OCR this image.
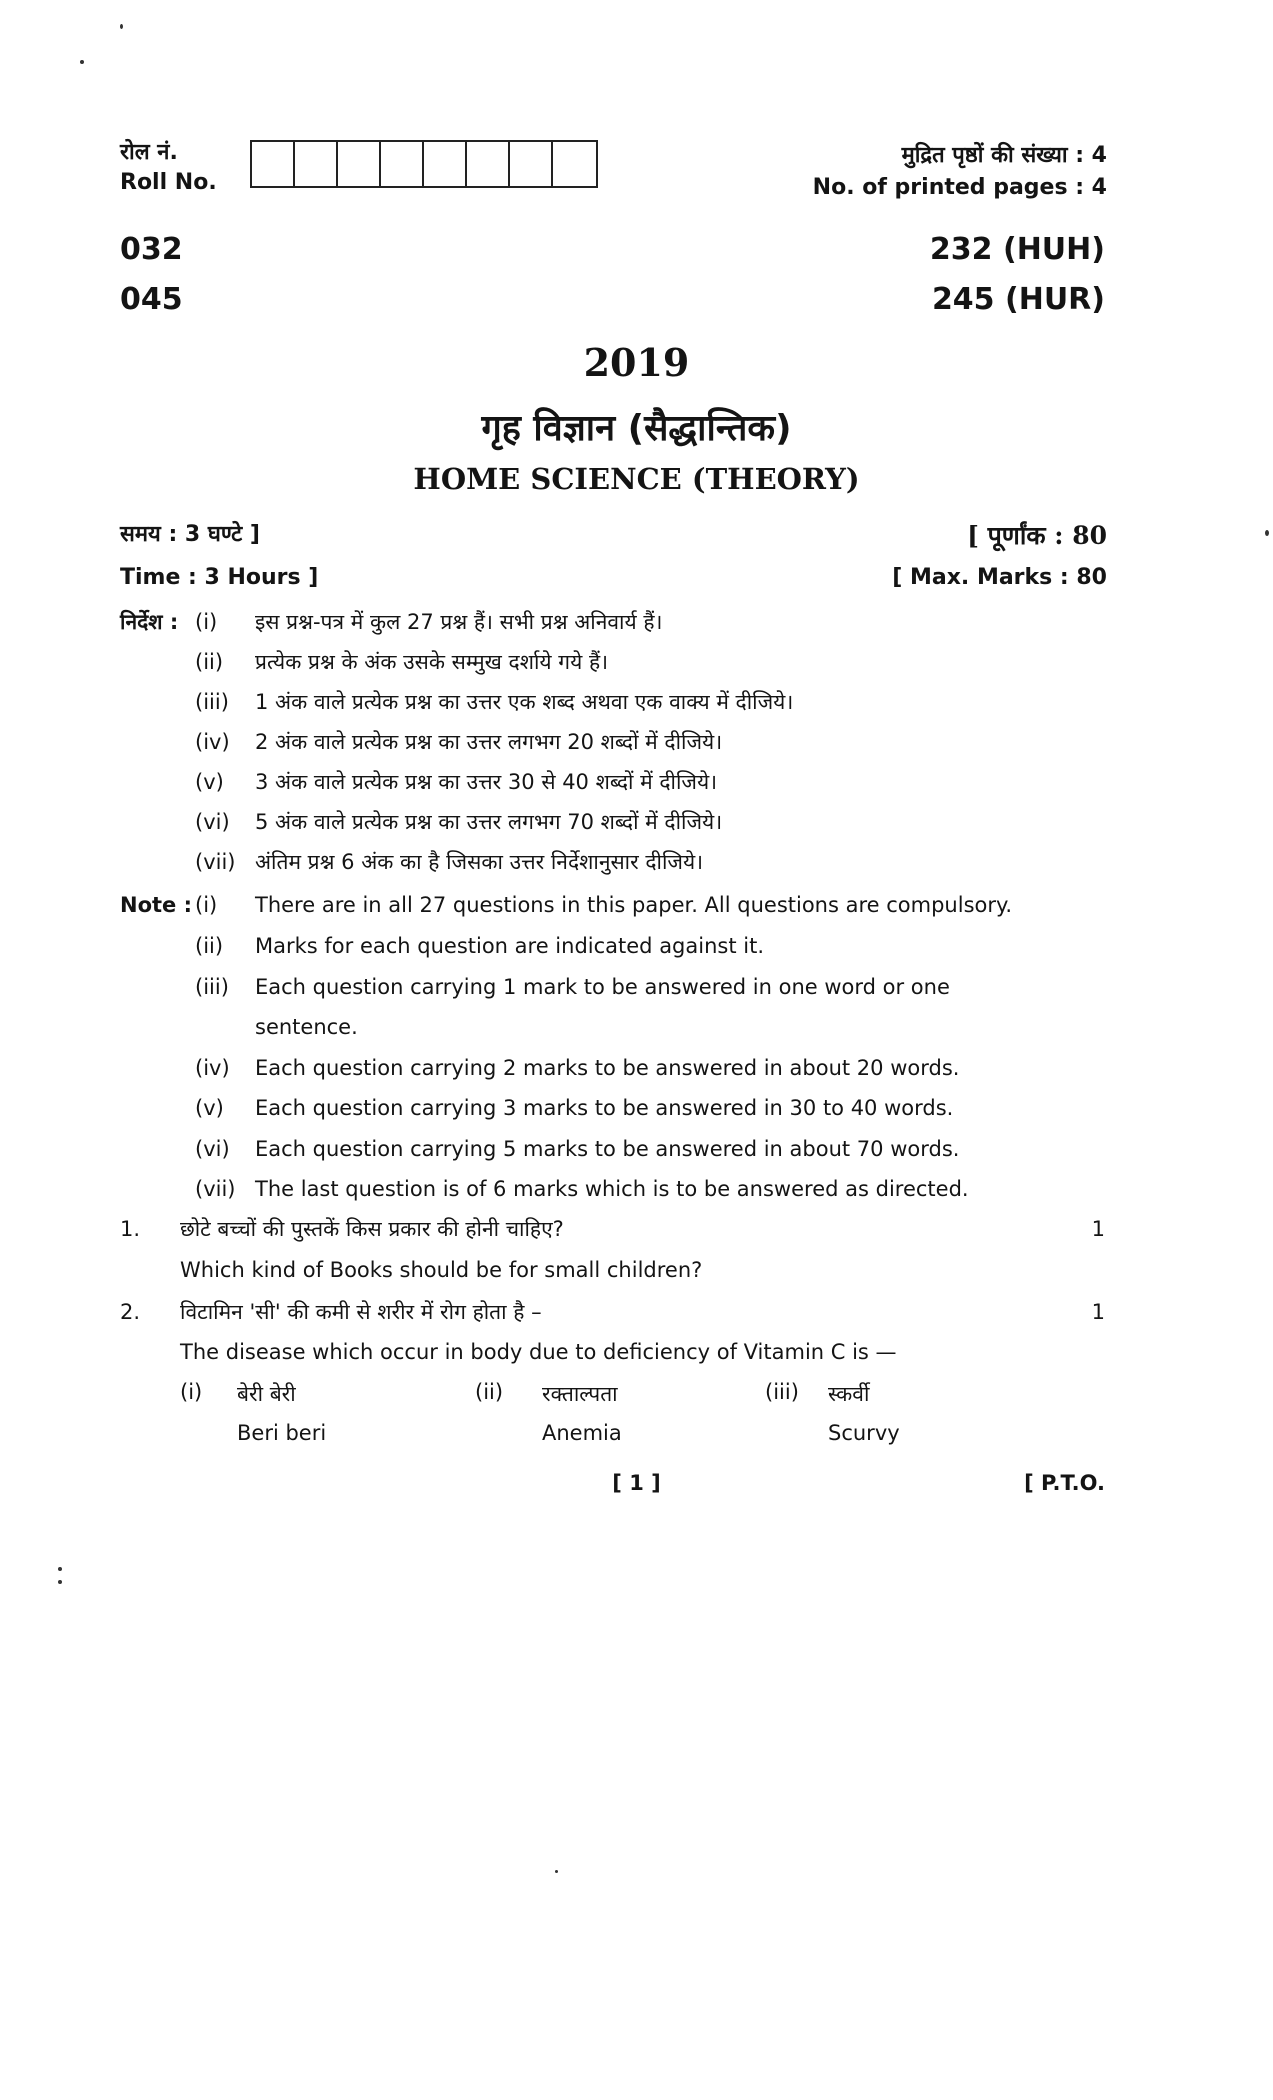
रोल नं.
Roll No.
मुद्रित पृष्ठों की संख्या : 4
No. of printed pages : 4
032
045
232 (HUH)
245 (HUR)
2019
गृह विज्ञान (सैद्धान्तिक)
HOME SCIENCE (THEORY)
समय : 3 घण्टे ]	[ पूर्णांक : 80
Time : 3 Hours ]	[ Max. Marks : 80
निर्देश : (i) इस प्रश्न-पत्र में कुल 27 प्रश्न हैं। सभी प्रश्न अनिवार्य हैं।
(ii) प्रत्येक प्रश्न के अंक उसके सम्मुख दर्शाये गये हैं।
(iii) 1 अंक वाले प्रत्येक प्रश्न का उत्तर एक शब्द अथवा एक वाक्य में दीजिये।
(iv) 2 अंक वाले प्रत्येक प्रश्न का उत्तर लगभग 20 शब्दों में दीजिये।
(v) 3 अंक वाले प्रत्येक प्रश्न का उत्तर 30 से 40 शब्दों में दीजिये।
(vi) 5 अंक वाले प्रत्येक प्रश्न का उत्तर लगभग 70 शब्दों में दीजिये।
(vii) अंतिम प्रश्न 6 अंक का है जिसका उत्तर निर्देशानुसार दीजिये।
Note : (i) There are in all 27 questions in this paper. All questions are compulsory.
(ii) Marks for each question are indicated against it.
(iii) Each question carrying 1 mark to be answered in one word or one
sentence.
(iv) Each question carrying 2 marks to be answered in about 20 words.
(v) Each question carrying 3 marks to be answered in 30 to 40 words.
(vi) Each question carrying 5 marks to be answered in about 70 words.
(vii) The last question is of 6 marks which is to be answered as directed.
1. छोटे बच्चों की पुस्तकें किस प्रकार की होनी चाहिए?	1
Which kind of Books should be for small children?
2. विटामिन 'सी' की कमी से शरीर में रोग होता है –	1
The disease which occur in body due to deficiency of Vitamin C is —
(i) बेरी बेरी
Beri beri
(ii) रक्ताल्पता
Anemia
(iii) स्कर्वी
Scurvy
[ 1 ]	[ P.T.O.
